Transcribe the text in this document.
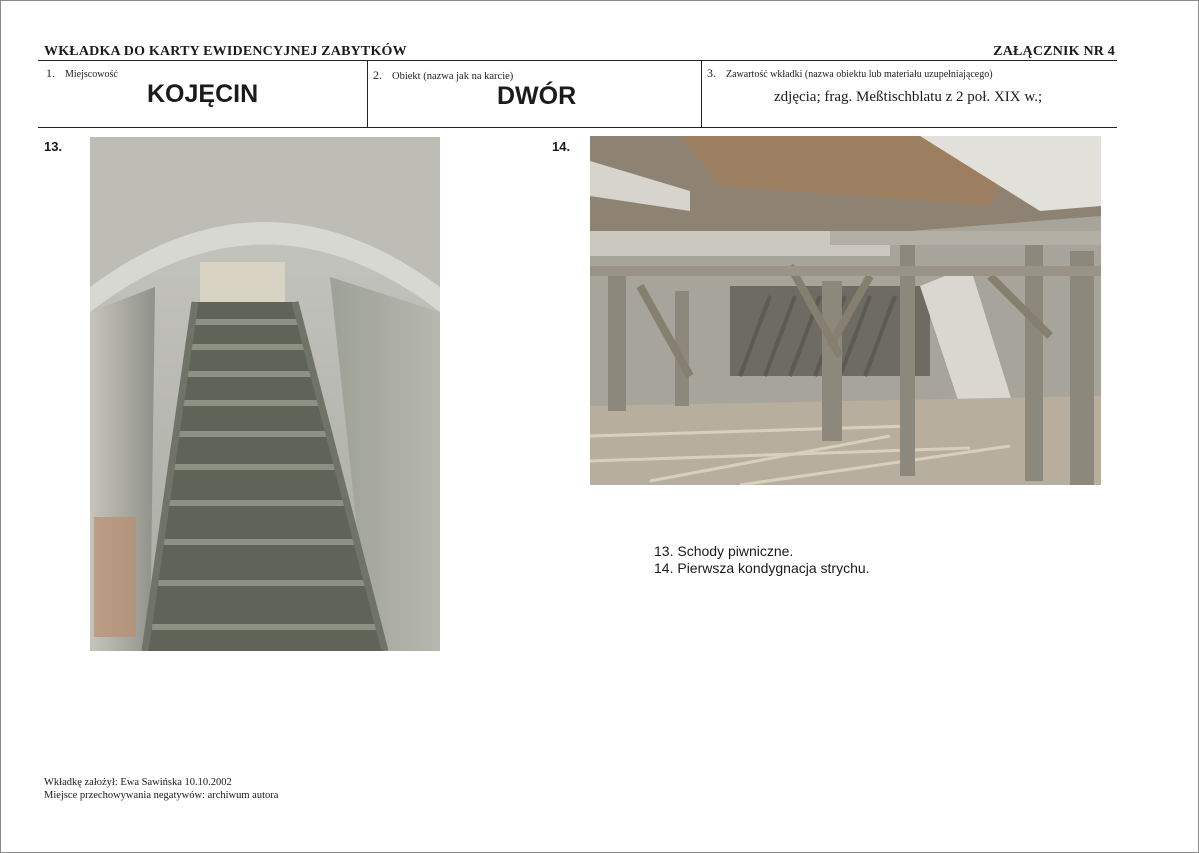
WKŁADKA DO KARTY EWIDENCYJNEJ ZABYTKÓW	ZAŁĄCZNIK NR 4
1. Miejscowość
KOJĘCIN
2. Obiekt (nazwa jak na karcie)
DWÓR
3. Zawartość wkładki (nazwa obiektu lub materiału uzupełniającego)
zdjęcia; frag. Meßtischblatu z 2 poł. XIX w.;
13.	14.
13. Schody piwniczne.
14. Pierwsza kondygnacja strychu.
Wkładkę założył: Ewa Sawińska 10.10.2002
Miejsce przechowywania negatywów: archiwum autora
